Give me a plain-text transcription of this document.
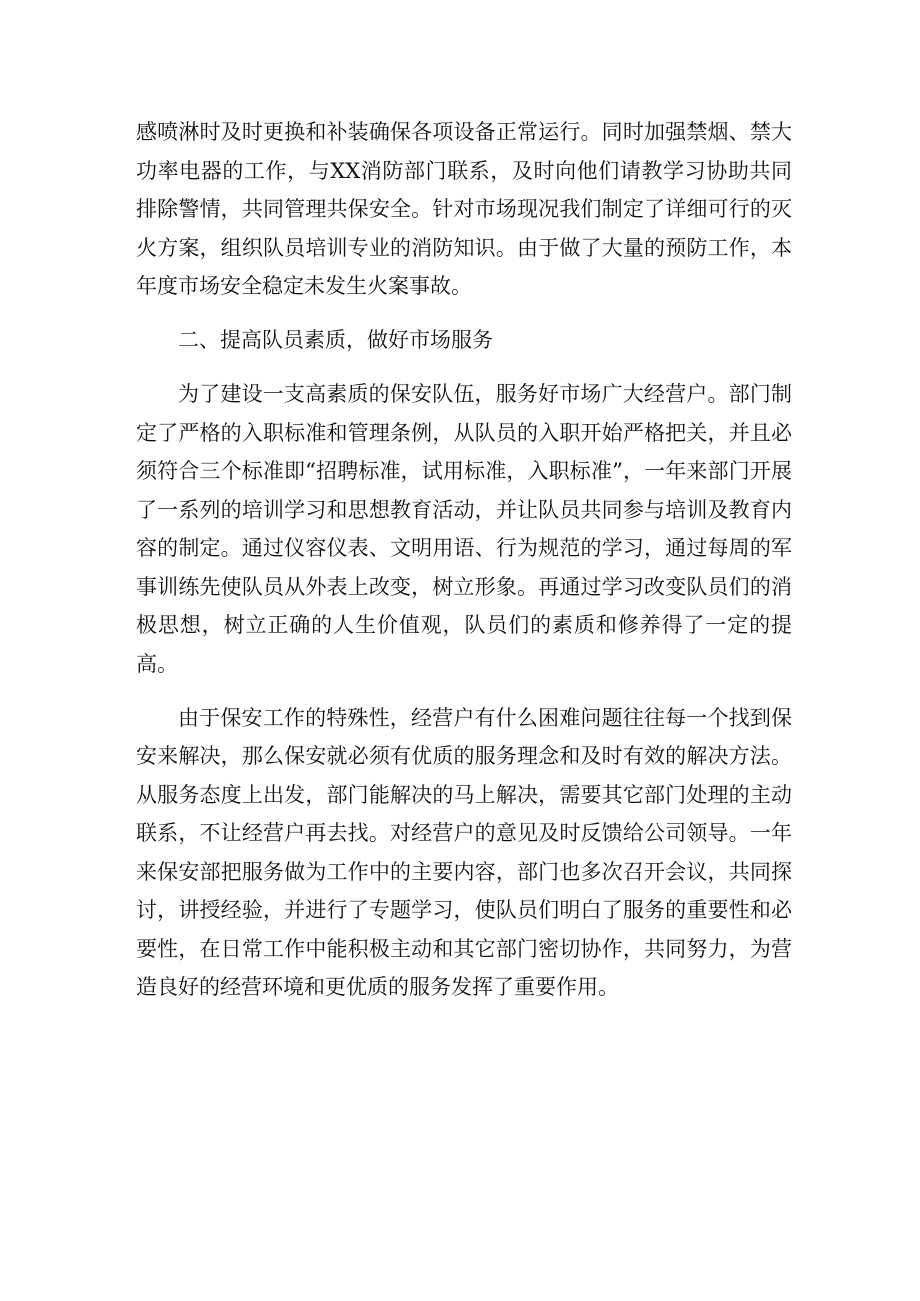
感喷淋时及时更换和补装确保各项设备正常运行。同时加强禁烟、禁大功率电器的工作，与XX消防部门联系，及时向他们请教学习协助共同排除警情，共同管理共保安全。针对市场现况我们制定了详细可行的灭火方案，组织队员培训专业的消防知识。由于做了大量的预防工作，本年度市场安全稳定未发生火案事故。

二、提高队员素质，做好市场服务

为了建设一支高素质的保安队伍，服务好市场广大经营户。部门制定了严格的入职标准和管理条例，从队员的入职开始严格把关，并且必须符合三个标准即“招聘标准，试用标准，入职标准”，一年来部门开展了一系列的培训学习和思想教育活动，并让队员共同参与培训及教育内容的制定。通过仪容仪表、文明用语、行为规范的学习，通过每周的军事训练先使队员从外表上改变，树立形象。再通过学习改变队员们的消极思想，树立正确的人生价值观，队员们的素质和修养得了一定的提高。

由于保安工作的特殊性，经营户有什么困难问题往往每一个找到保安来解决，那么保安就必须有优质的服务理念和及时有效的解决方法。从服务态度上出发，部门能解决的马上解决，需要其它部门处理的主动联系，不让经营户再去找。对经营户的意见及时反馈给公司领导。一年来保安部把服务做为工作中的主要内容，部门也多次召开会议，共同探讨，讲授经验，并进行了专题学习，使队员们明白了服务的重要性和必要性，在日常工作中能积极主动和其它部门密切协作，共同努力，为营造良好的经营环境和更优质的服务发挥了重要作用。
